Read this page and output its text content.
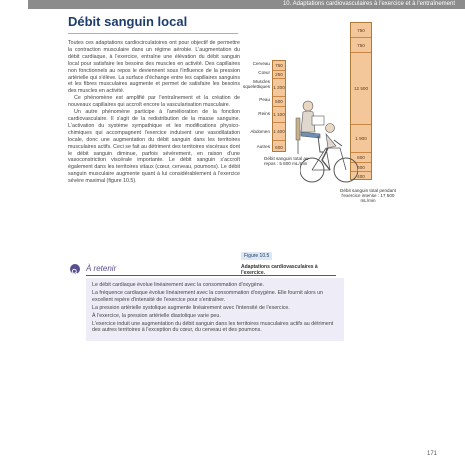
10. Adaptations cardiovasculaires à l'exercice et à l'entraînement
Débit sanguin local

Toutes ces adaptations cardiocirculatoires ont pour objectif de permettre la contraction musculaire dans un régime aérobie. L'augmentation du débit cardiaque, à l'exercice, entraîne une élévation du débit sanguin local pour satisfaire les besoins des muscles en activité. Des capillaires non fonctionnels au repos le deviennent sous l'influence de la pression artérielle qui s'élève. La surface d'échange entre les capillaires sanguins et les fibres musculaires augmente et permet de satisfaire les besoins des muscles en activité.

Ce phénomène est amplifié par l'entraînement et la création de nouveaux capillaires qui accroît encore la vascularisation musculaire.

Un autre phénomène participe à l'amélioration de la fonction cardiovasculaire. Il s'agit de la redistribution de la masse sanguine. L'activation du système sympathique et les modifications physico-chimiques qui accompagnent l'exercice induisent une vasodilatation locale, donc une augmentation du débit sanguin dans les territoires musculaires actifs. Ceci se fait au détriment des territoires viscéraux dont le débit sanguin diminue, parfois sévèrement, en raison d'une vasoconstriction viscérale importante. Le débit sanguin s'accroît également dans les territoires vitaux (cœur, cerveau, poumons). Le débit sanguin musculaire augmente quant à lui considérablement à l'exercice sévère maximal (figure 10.5).

750
250
1 200
500
1 100
1 400
600
Cerveau
Cœur
Muscles squelettiques
Peau
Reins
Abdomen
Autres
Débit sanguin total au repos : 5 800 mL/min
750
750
12 500
1 900
600
600
400
Débit sanguin total pendant l'exercice intense : 17 500 mL/min
Figure 10.5
Adaptations cardiovasculaires à l'exercice.
À retenir

Le débit cardiaque évolue linéairement avec la consommation d'oxygène.

La fréquence cardiaque évolue linéairement avec la consommation d'oxygène. Elle fournit alors un excellent repère d'intensité de l'exercice pour s'entraîner.

La pression artérielle systolique augmente linéairement avec l'intensité de l'exercice.

À l'exercice, la pression artérielle diastolique varie peu.

L'exercice induit une augmentation du débit sanguin dans les territoires musculaires actifs au détriment des autres territoires à l'exception du cœur, du cerveau et des poumons.

171
